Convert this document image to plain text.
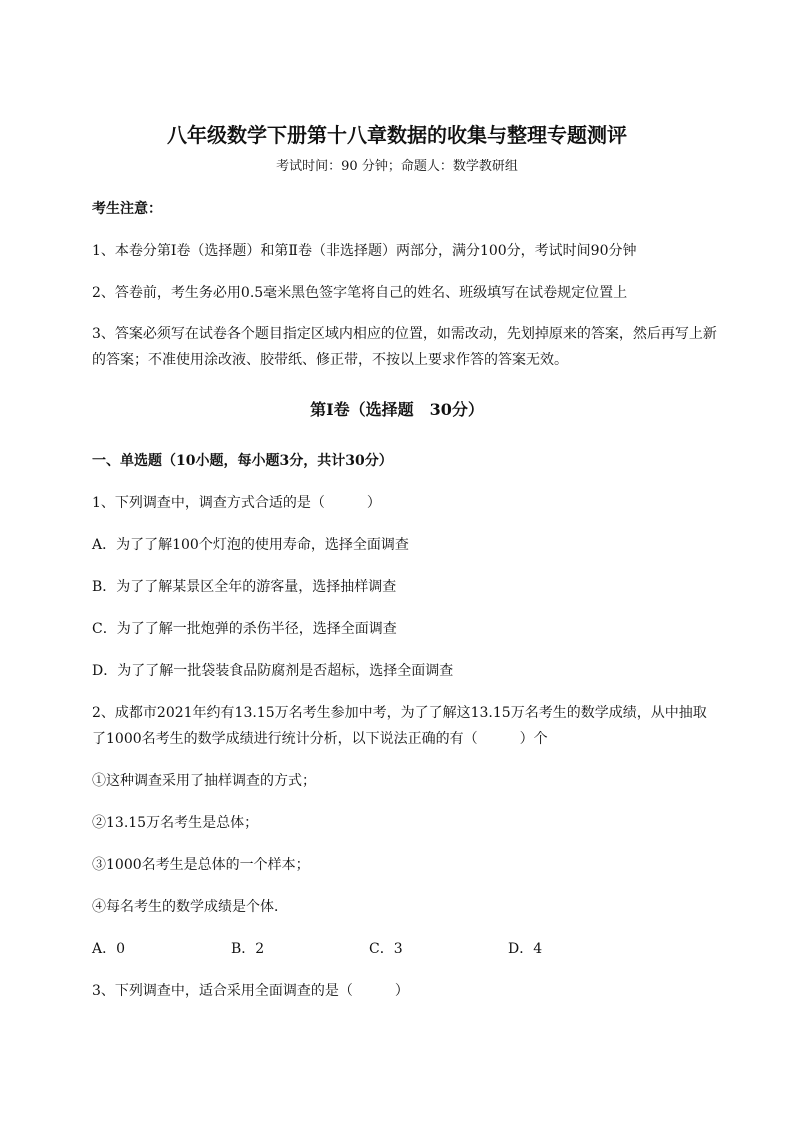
八年级数学下册第十八章数据的收集与整理专题测评
考试时间：90 分钟；命题人：数学教研组
考生注意：
1、本卷分第I卷（选择题）和第Ⅱ卷（非选择题）两部分，满分100分，考试时间90分钟
2、答卷前，考生务必用0.5毫米黑色签字笔将自己的姓名、班级填写在试卷规定位置上
3、答案必须写在试卷各个题目指定区域内相应的位置，如需改动，先划掉原来的答案，然后再写上新
的答案；不准使用涂改液、胶带纸、修正带，不按以上要求作答的答案无效。
第I卷（选择题　30分）
一、单选题（10小题，每小题3分，共计30分）
1、下列调查中，调查方式合适的是（　　　）
A．为了了解100个灯泡的使用寿命，选择全面调查
B．为了了解某景区全年的游客量，选择抽样调查
C．为了了解一批炮弹的杀伤半径，选择全面调查
D．为了了解一批袋装食品防腐剂是否超标，选择全面调查
2、成都市2021年约有13.15万名考生参加中考，为了了解这13.15万名考生的数学成绩，从中抽取
了1000名考生的数学成绩进行统计分析，以下说法正确的有（　　　）个
①这种调查采用了抽样调查的方式；
②13.15万名考生是总体；
③1000名考生是总体的一个样本；
④每名考生的数学成绩是个体．
A．0	B．2	C．3	D．4
3、下列调查中，适合采用全面调查的是（　　　）
